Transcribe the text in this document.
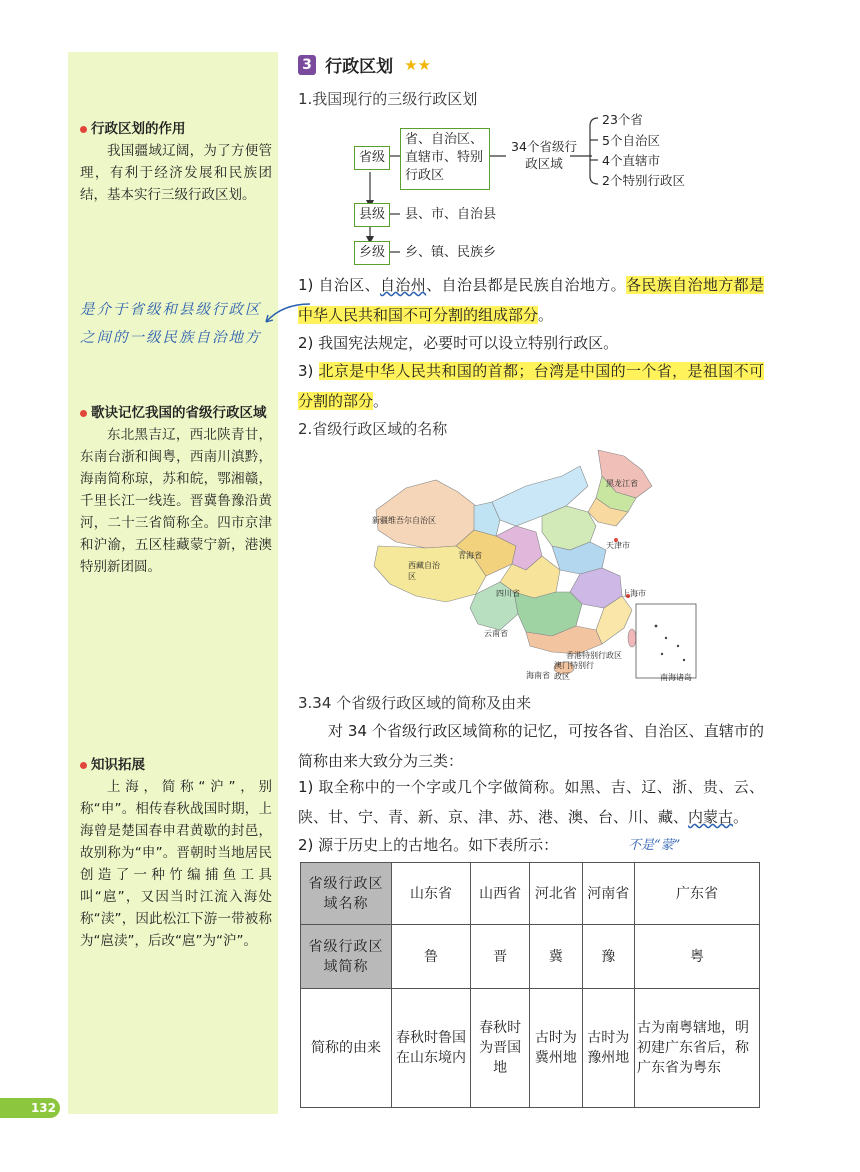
行政区划的作用
我国疆域辽阔，为了方便管理，有利于经济发展和民族团结，基本实行三级行政区划。
是介于省级和县级行政区之间的一级民族自治地方
歌诀记忆我国的省级行政区域
东北黑吉辽，西北陕青甘，东南台浙和闽粤，西南川滇黔，海南简称琼，苏和皖，鄂湘赣，千里长江一线连。晋冀鲁豫沿黄河，二十三省简称全。四市京津和沪渝，五区桂藏蒙宁新，港澳特别新团圆。
知识拓展
上海，简称“沪”，别称“申”。相传春秋战国时期，上海曾是楚国春申君黄歇的封邑，故别称为“申”。晋朝时当地居民创造了一种竹编捕鱼工具叫“扈”，又因当时江流入海处称“渎”，因此松江下游一带被称为“扈渎”，后改“扈”为“沪”。
132
3 行政区划 ★★
1.我国现行的三级行政区划
省级
省、自治区、直辖市、特别行政区
34个省级行政区域
23个省
5个自治区
4个直辖市
2个特别行政区
县级	县、市、自治县
乡级	乡、镇、民族乡
1) 自治区、自治州、自治县都是民族自治地方。各民族自治地方都是中华人民共和国不可分割的组成部分。
2) 我国宪法规定，必要时可以设立特别行政区。
3) 北京是中华人民共和国的首都；台湾是中国的一个省，是祖国不可分割的部分。
2.省级行政区域的名称
黑龙江省
新疆维吾尔自治区
青海省
西藏自治区
四川省
云南省
天津市
上海市
香港特别行政区
澳门特别行政区
海南省	南海诸岛
3.34 个省级行政区域的简称及由来
对 34 个省级行政区域简称的记忆，可按各省、自治区、直辖市的简称由来大致分为三类：
1) 取全称中的一个字或几个字做简称。如黑、吉、辽、浙、贵、云、陕、甘、宁、青、新、京、津、苏、港、澳、台、川、藏、内蒙古。
2) 源于历史上的古地名。如下表所示：	不是“蒙”
省级行政区域名称	山东省	山西省	河北省	河南省	广东省
省级行政区域简称	鲁	晋	冀	豫	粤
简称的由来	春秋时鲁国在山东境内	春秋时为晋国地	古时为冀州地	古时为豫州地	古为南粤辖地，明初建广东省后，称广东省为粤东
